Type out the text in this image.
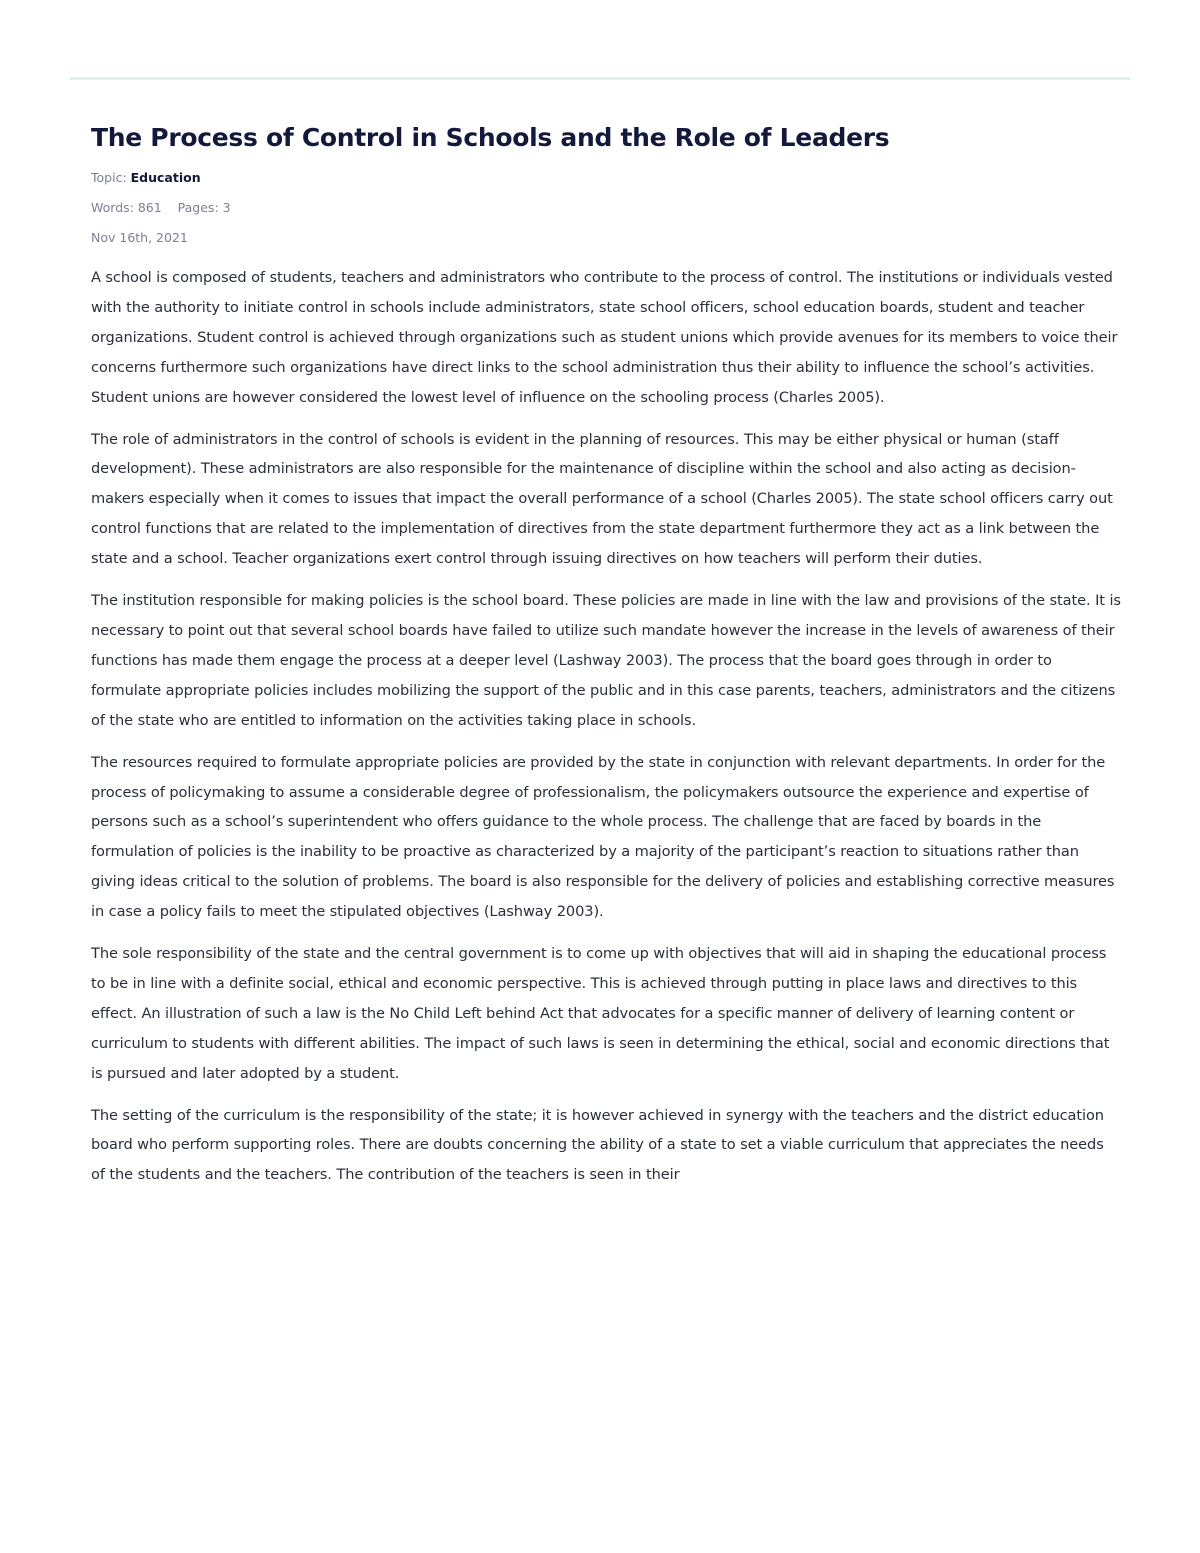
The Process of Control in Schools and the Role of Leaders
Topic: Education
Words: 861 Pages: 3
Nov 16th, 2021

A school is composed of students, teachers and administrators who contribute to the process of control. The institutions or individuals vested with the authority to initiate control in schools include administrators, state school officers, school education boards, student and teacher organizations. Student control is achieved through organizations such as student unions which provide avenues for its members to voice their concerns furthermore such organizations have direct links to the school administration thus their ability to influence the school’s activities. Student unions are however considered the lowest level of influence on the schooling process (Charles 2005).

The role of administrators in the control of schools is evident in the planning of resources. This may be either physical or human (staff development). These administrators are also responsible for the maintenance of discipline within the school and also acting as decision-makers especially when it comes to issues that impact the overall performance of a school (Charles 2005). The state school officers carry out control functions that are related to the implementation of directives from the state department furthermore they act as a link between the state and a school. Teacher organizations exert control through issuing directives on how teachers will perform their duties.

The institution responsible for making policies is the school board. These policies are made in line with the law and provisions of the state. It is necessary to point out that several school boards have failed to utilize such mandate however the increase in the levels of awareness of their functions has made them engage the process at a deeper level (Lashway 2003). The process that the board goes through in order to formulate appropriate policies includes mobilizing the support of the public and in this case parents, teachers, administrators and the citizens of the state who are entitled to information on the activities taking place in schools.

The resources required to formulate appropriate policies are provided by the state in conjunction with relevant departments. In order for the process of policymaking to assume a considerable degree of professionalism, the policymakers outsource the experience and expertise of persons such as a school’s superintendent who offers guidance to the whole process. The challenge that are faced by boards in the formulation of policies is the inability to be proactive as characterized by a majority of the participant’s reaction to situations rather than giving ideas critical to the solution of problems. The board is also responsible for the delivery of policies and establishing corrective measures in case a policy fails to meet the stipulated objectives (Lashway 2003).

The sole responsibility of the state and the central government is to come up with objectives that will aid in shaping the educational process to be in line with a definite social, ethical and economic perspective. This is achieved through putting in place laws and directives to this effect. An illustration of such a law is the No Child Left behind Act that advocates for a specific manner of delivery of learning content or curriculum to students with different abilities. The impact of such laws is seen in determining the ethical, social and economic directions that is pursued and later adopted by a student.

The setting of the curriculum is the responsibility of the state; it is however achieved in synergy with the teachers and the district education board who perform supporting roles. There are doubts concerning the ability of a state to set a viable curriculum that appreciates the needs of the students and the teachers. The contribution of the teachers is seen in their
